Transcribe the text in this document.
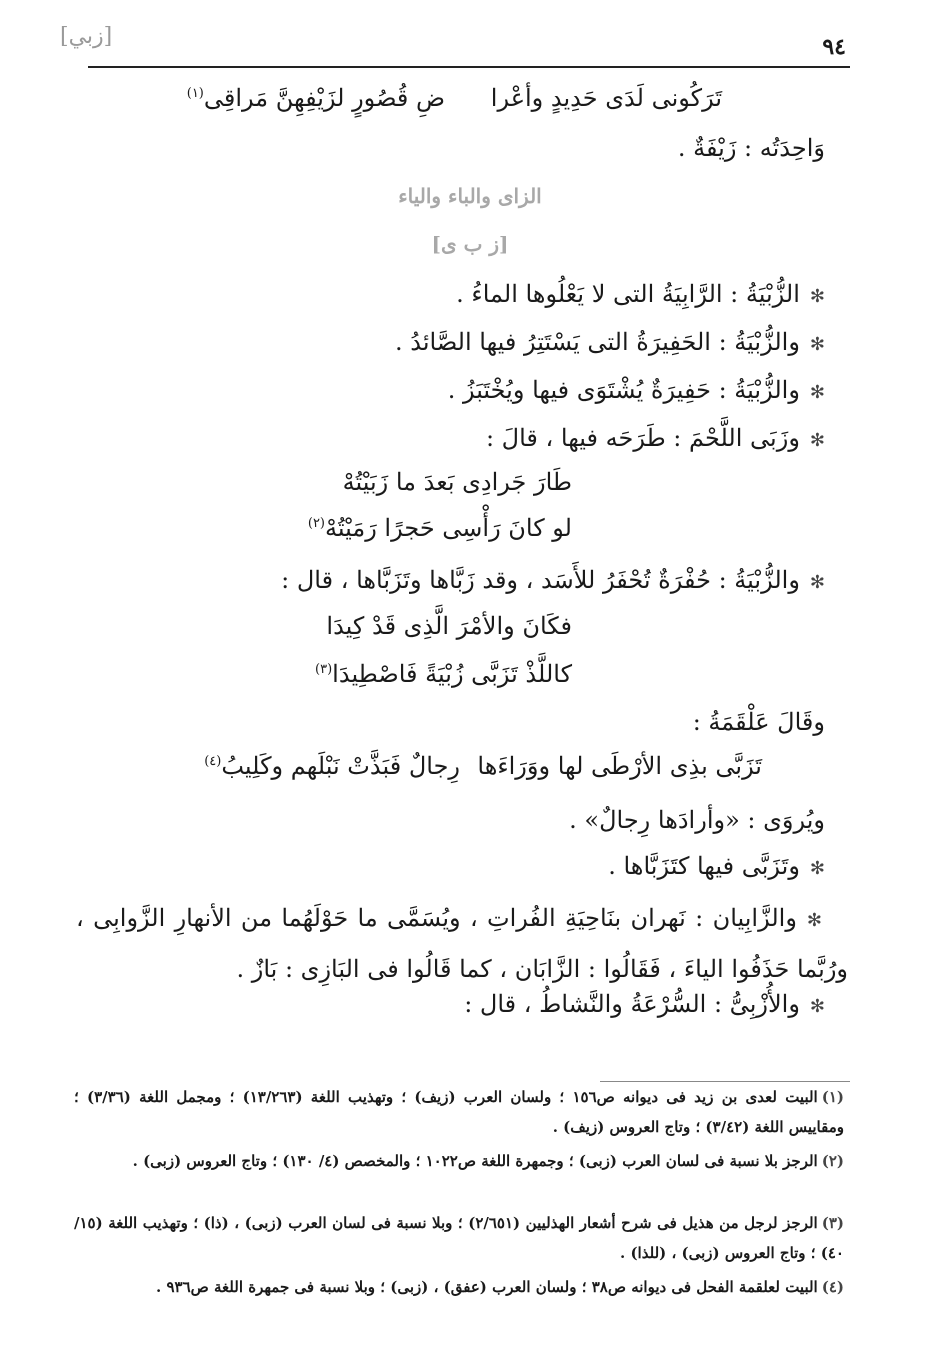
[زبي]	٩٤
تَرَكُونى لَدَى حَدِيدٍ وأعْرا
ضِ قُصُورٍ لزَيْفِهِنَّ مَراقِى$^{(١)}$
وَاحِدَتُه : زَيْفَةٌ .
الزاى والباء والياء
[ز ب ى]
✻الزُّبْيَةُ : الرَّابِيَةُ التى لا يَعْلُوها الماءُ .
✻والزُّبْيَةُ : الحَفِيرَةُ التى يَسْتَتِرُ فيها الصَّائدُ .
✻والزُّبْيَةُ : حَفِيرَةٌ يُشْتَوَى فيها ويُخْتَبَزُ .
✻وزَبَى اللَّحْمَ : طَرَحَه فيها ، قالَ :
طَارَ جَرادِى بَعدَ ما زَبَيْتُهْ
لو كانَ رَأْسِى حَجرًا رَمَيْتُهْ$^{(٢)}$
✻والزُّبْيَةُ : حُفْرَةٌ تُحْفَرُ للأَسَد ، وقد زَبَّاها وتَزَبَّاها ، قال :
فكَانَ والأمْرَ الَّذِى قَدْ كِيدَا
كاللَّذْ تَزَبَّى زُبْيَةً فَاصْطِيدَا$^{(٣)}$
وقَالَ عَلْقَمَةُ :
تَزَبَّى بذِى الأرْطَى لها ووَرَاءَها
رِجالٌ فَبَذَّتْ نَبْلَهم وكَلِيبُ$^{(٤)}$
ويُروَى : «وأرادَها رِجالٌ» .
✻وتَزَبَّى فيها كتَزَبَّاها .
✻والزَّابِيان : نَهران بنَاحِيَةِ الفُراتِ ، ويُسَمَّى ما حَوْلَهُما من الأنهارِ الزَّوابِى ، ورُبَّما حَذَفُوا الياءَ ، فَقَالُوا : الزَّابَان ، كما قَالُوا فى البَازِى : بَازٌ .
✻والأُزْبِىُّ : السُّرْعَةُ والنَّشاطُ ، قال :
(١)البيت لعدى بن زيد فى ديوانه ص١٥٦ ؛ ولسان العرب (زيف) ؛ وتهذيب اللغة (١٣/٢٦٣) ؛ ومجمل اللغة (٣/٣٦) ؛ ومقاييس اللغة (٣/٤٢) ؛ وتاج العروس (زيف) .
(٢)الرجز بلا نسبة فى لسان العرب (زبى) ؛ وجمهرة اللغة ص١٠٢٢ ؛ والمخصص (٤/ ١٣٠) ؛ وتاج العروس (زبى) .
(٣)الرجز لرجل من هذيل فى شرح أشعار الهذليين (٢/٦٥١) ؛ وبلا نسبة فى لسان العرب (زبى) ، (ذا) ؛ وتهذيب اللغة (١٥/ ٤٠) ؛ وتاج العروس (زبى) ، (للذا) .
(٤)البيت لعلقمة الفحل فى ديوانه ص٣٨ ؛ ولسان العرب (عفق) ، (زبى) ؛ وبلا نسبة فى جمهرة اللغة ص٩٣٦ .
